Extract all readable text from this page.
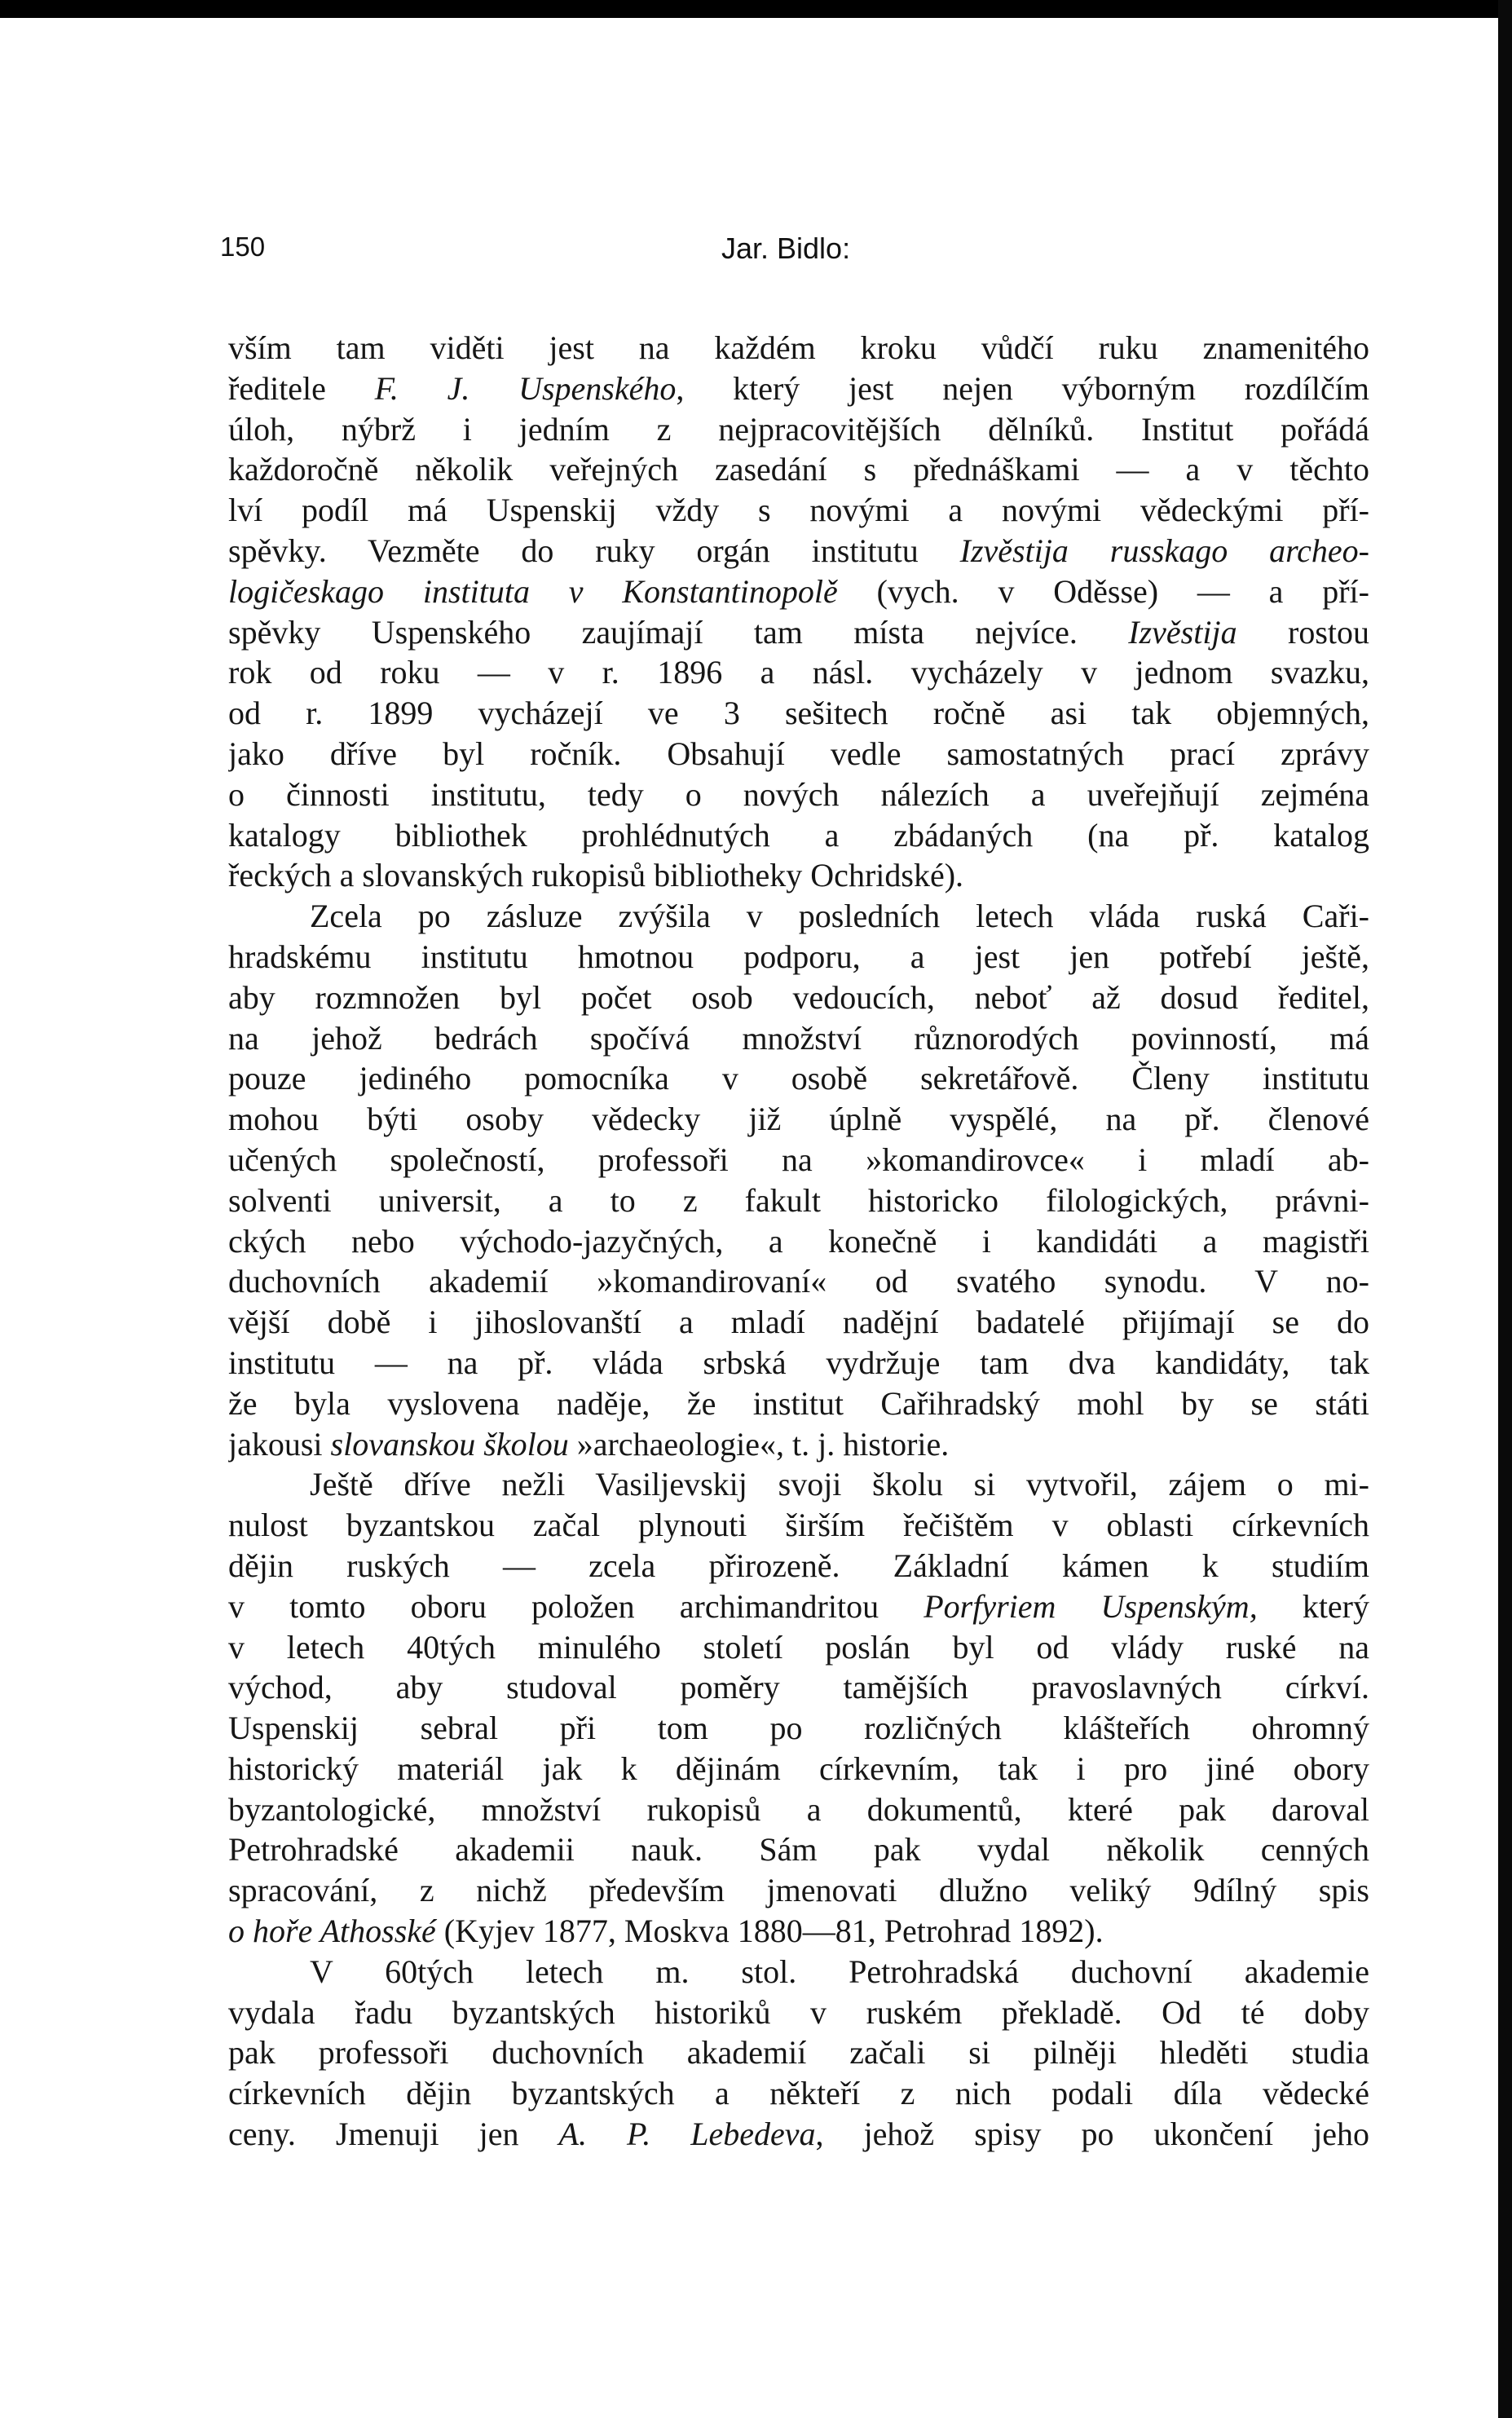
150	Jar. Bidlo:
vším tam viděti jest na každém kroku vůdčí ruku znamenitého
ředitele F. J. Uspenského, který jest nejen výborným rozdílčím
úloh, nýbrž i jedním z nejpracovitějších dělníků. Institut pořádá
každoročně několik veřejných zasedání s přednáškami — a v těchto
lví podíl má Uspenskij vždy s novými a novými vědeckými pří-
spěvky. Vezměte do ruky orgán institutu Izvěstija russkago archeo-
logičeskago instituta v Konstantinopolě (vych. v Oděsse) — a pří-
spěvky Uspenského zaujímají tam místa nejvíce. Izvěstija rostou
rok od roku — v r. 1896 a násl. vycházely v jednom svazku,
od r. 1899 vycházejí ve 3 sešitech ročně asi tak objemných,
jako dříve byl ročník. Obsahují vedle samostatných prací zprávy
o činnosti institutu, tedy o nových nálezích a uveřejňují zejména
katalogy bibliothek prohlédnutých a zbádaných (na př. katalog
řeckých a slovanských rukopisů bibliotheky Ochridské).
Zcela po zásluze zvýšila v posledních letech vláda ruská Caři-
hradskému institutu hmotnou podporu, a jest jen potřebí ještě,
aby rozmnožen byl počet osob vedoucích, neboť až dosud ředitel,
na jehož bedrách spočívá množství různorodých povinností, má
pouze jediného pomocníka v osobě sekretářově. Členy institutu
mohou býti osoby vědecky již úplně vyspělé, na př. členové
učených společností, professoři na »komandirovce« i mladí ab-
solventi universit, a to z fakult historicko filologických, právni-
ckých nebo východo-jazyčných, a konečně i kandidáti a magistři
duchovních akademií »komandirovaní« od svatého synodu. V no-
vější době i jihoslovanští a mladí nadějní badatelé přijímají se do
institutu — na př. vláda srbská vydržuje tam dva kandidáty, tak
že byla vyslovena naděje, že institut Cařihradský mohl by se státi
jakousi slovanskou školou »archaeologie«, t. j. historie.
Ještě dříve nežli Vasiljevskij svoji školu si vytvořil, zájem o mi-
nulost byzantskou začal plynouti širším řečištěm v oblasti církevních
dějin ruských — zcela přirozeně. Základní kámen k studiím
v tomto oboru položen archimandritou Porfyriem Uspenským, který
v letech 40tých minulého století poslán byl od vlády ruské na
východ, aby studoval poměry tamějších pravoslavných církví.
Uspenskij sebral při tom po rozličných klášteřích ohromný
historický materiál jak k dějinám církevním, tak i pro jiné obory
byzantologické, množství rukopisů a dokumentů, které pak daroval
Petrohradské akademii nauk. Sám pak vydal několik cenných
spracování, z nichž především jmenovati dlužno veliký 9dílný spis
o hoře Athosské (Kyjev 1877, Moskva 1880—81, Petrohrad 1892).
V 60tých letech m. stol. Petrohradská duchovní akademie
vydala řadu byzantských historiků v ruském překladě. Od té doby
pak professoři duchovních akademií začali si pilněji hleděti studia
církevních dějin byzantských a někteří z nich podali díla vědecké
ceny. Jmenuji jen A. P. Lebedeva, jehož spisy po ukončení jeho
